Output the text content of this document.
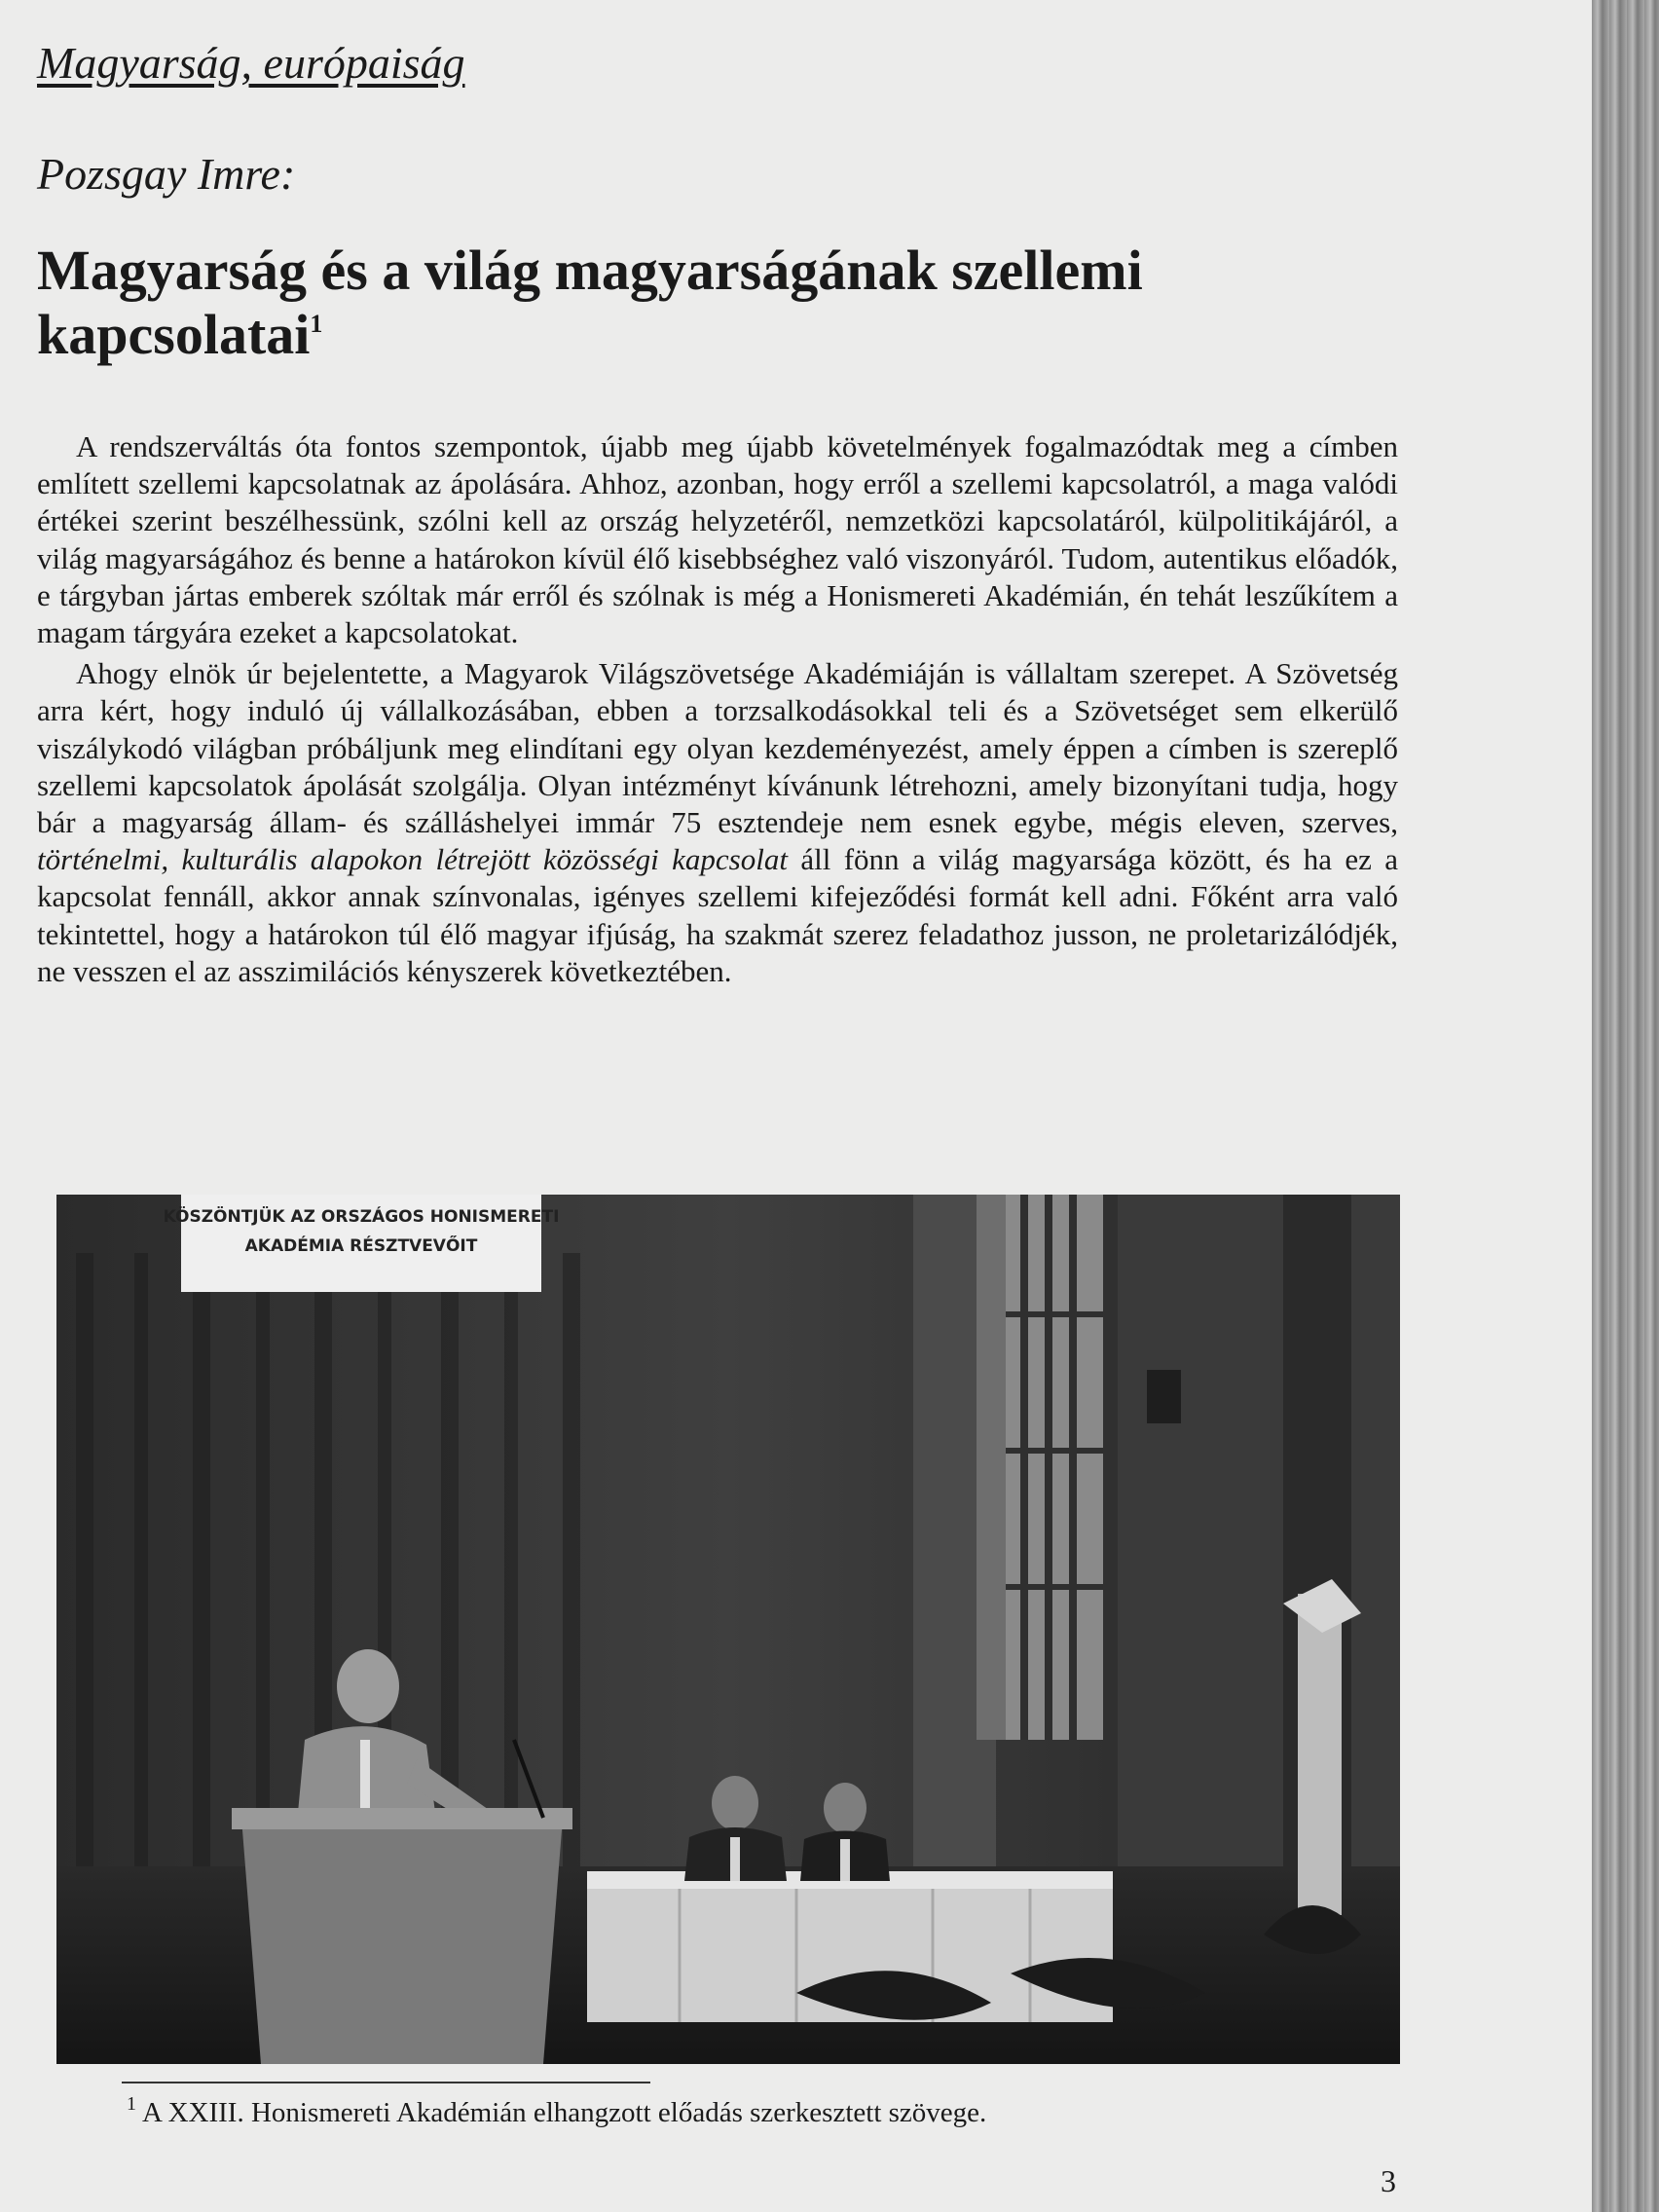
Magyarság, európaiság
Pozsgay Imre:
Magyarság és a világ magyarságának szellemi kapcsolatai$^1$

A rendszerváltás óta fontos szempontok, újabb meg újabb követelmények fogalmazódtak meg a címben említett szellemi kapcsolatnak az ápolására. Ahhoz, azonban, hogy erről a szellemi kapcsolatról, a maga valódi értékei szerint beszélhessünk, szólni kell az ország helyzetéről, nemzetközi kapcsolatáról, külpolitikájáról, a világ magyarságához és benne a határokon kívül élő kisebbséghez való viszonyáról. Tudom, autentikus előadók, e tárgyban jártas emberek szóltak már erről és szólnak is még a Honismereti Akadémián, én tehát leszűkítem a magam tárgyára ezeket a kapcsolatokat.

Ahogy elnök úr bejelentette, a Magyarok Világszövetsége Akadémiáján is vállaltam szerepet. A Szövetség arra kért, hogy induló új vállalkozásában, ebben a torzsalkodásokkal teli és a Szövetséget sem elkerülő viszálykodó világban próbáljunk meg elindítani egy olyan kezdeményezést, amely éppen a címben is szereplő szellemi kapcsolatok ápolását szolgálja. Olyan intézményt kívánunk létrehozni, amely bizonyítani tudja, hogy bár a magyarság állam- és szálláshelyei immár 75 esztendeje nem esnek egybe, mégis eleven, szerves, történelmi, kulturális alapokon létrejött közösségi kapcsolat áll fönn a világ magyarsága között, és ha ez a kapcsolat fennáll, akkor annak színvonalas, igényes szellemi kifejeződési formát kell adni. Főként arra való tekintettel, hogy a határokon túl élő magyar ifjúság, ha szakmát szerez feladathoz jusson, ne proletarizálódjék, ne vesszen el az asszimilációs kényszerek következtében.

KÖSZÖNTJÜK AZ ORSZÁGOS HONISMERETI
AKADÉMIA RÉSZTVEVŐIT

$^1$ A XXIII. Honismereti Akadémián elhangzott előadás szerkesztett szövege.

3
